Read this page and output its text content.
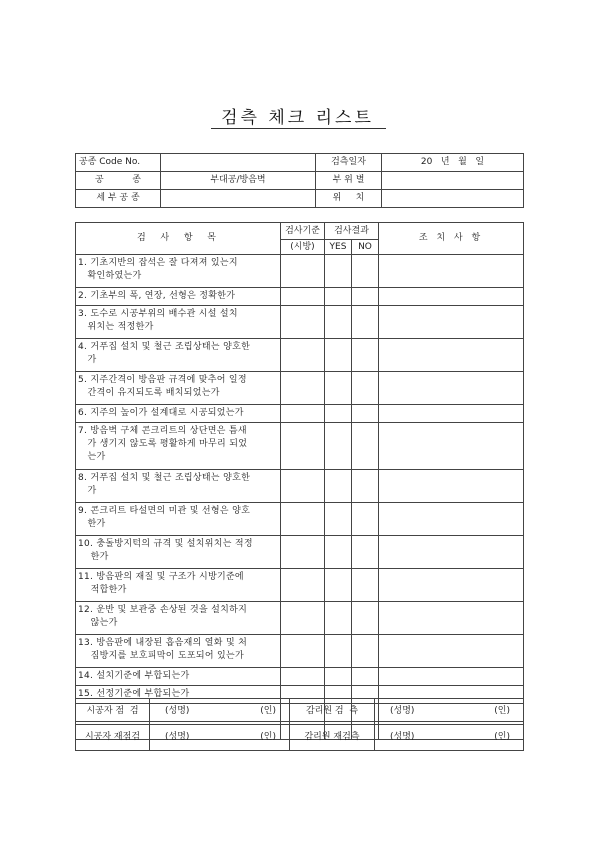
검측 체크 리스트
공종 Code No.		검측일자	20   년   월   일
공          종	부대공/방음벽	부 위 별	
세 부 공 종		위     치	
검  사  항  목	검사기준	검사결과		조 치 사 항
	(시방)	YES	NO	
1. 기초지반의 잡석은 잘 다져져 있는지
확인하였는가				
2. 기초부의 폭, 연장, 선형은 정확한가				
3. 도수로 시공부위의 배수관 시설 설치
위치는 적정한가				
4. 거푸집 설치 및 철근 조립상태는 양호한
가				
5. 지주간격이 방음판 규격에 맞추어 일정
간격이 유지되도록 배치되었는가				
6. 지주의 높이가 설계대로 시공되었는가				
7. 방음벽 구체 콘크리트의 상단면은 틈새
가 생기지 않도록 평활하게 마무리 되었
는가				
8. 거푸집 설치 및 철근 조립상태는 양호한
가				
9. 콘크리트 타설면의 미관 및 선형은 양호
한가				
10. 충돌방지턱의 규격 및 설치위치는 적정
한가				
11. 방음판의 재질 및 구조가 시방기준에
적합한가				
12. 운반 및 보관중 손상된 것을 설치하지
않는가				
13. 방음판에 내장된 흡음재의 열화 및 처
짐방지를 보호피막이 도포되어 있는가				
14. 설치기준에 부합되는가				
15. 선정기준에 부합되는가				

시공자 점  검	(성명) (인)	감리원 검  측	(성명) (인)

시공자 재점검	(성명) (인)	감리원 재검측	(성명) (인)
